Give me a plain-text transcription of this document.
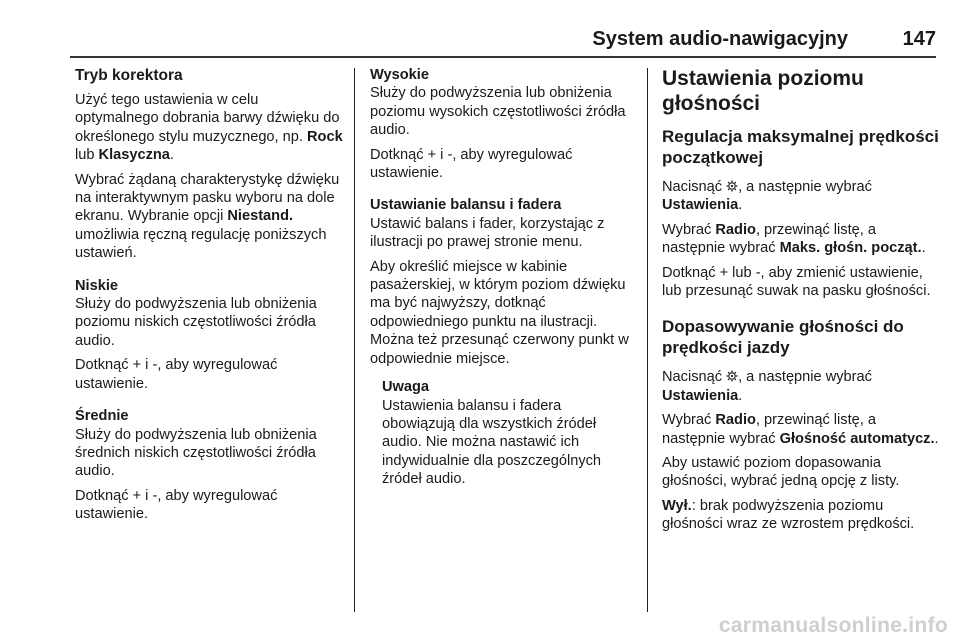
System audio-nawigacyjny	147
Tryb korektora

Użyć tego ustawienia w celu optymalnego dobrania barwy dźwięku do określonego stylu muzycznego, np. Rock lub Klasyczna.

Wybrać żądaną charakterystykę dźwięku na interaktywnym pasku wyboru na dole ekranu. Wybranie opcji Niestand. umożliwia ręczną regulację poniższych ustawień.

Niskie

Służy do podwyższenia lub obniżenia poziomu niskich częstotliwości źródła audio.

Dotknąć + i -, aby wyregulować ustawienie.

Średnie

Służy do podwyższenia lub obniżenia średnich niskich częstotliwości źródła audio.

Dotknąć + i -, aby wyregulować ustawienie.

Wysokie

Służy do podwyższenia lub obniżenia poziomu wysokich częstotliwości źródła audio.

Dotknąć + i -, aby wyregulować ustawienie.

Ustawianie balansu i fadera

Ustawić balans i fader, korzystając z ilustracji po prawej stronie menu.

Aby określić miejsce w kabinie pasażerskiej, w którym poziom dźwięku ma być najwyższy, dotknąć odpowiedniego punktu na ilustracji. Można też przesunąć czerwony punkt w odpowiednie miejsce.

Uwaga

Ustawienia balansu i fadera obowiązują dla wszystkich źródeł audio. Nie można nastawić ich indywidualnie dla poszczególnych źródeł audio.

Ustawienia poziomu głośności
Regulacja maksymalnej prędkości początkowej

Nacisnąć , a następnie wybrać Ustawienia.

Wybrać Radio, przewinąć listę, a następnie wybrać Maks. głośn. począt..

Dotknąć + lub -, aby zmienić ustawienie, lub przesunąć suwak na pasku głośności.

Dopasowywanie głośności do prędkości jazdy

Nacisnąć , a następnie wybrać Ustawienia.

Wybrać Radio, przewinąć listę, a następnie wybrać Głośność automatycz..

Aby ustawić poziom dopasowania głośności, wybrać jedną opcję z listy.

Wył.: brak podwyższenia poziomu głośności wraz ze wzrostem prędkości.

carmanualsonline.info
